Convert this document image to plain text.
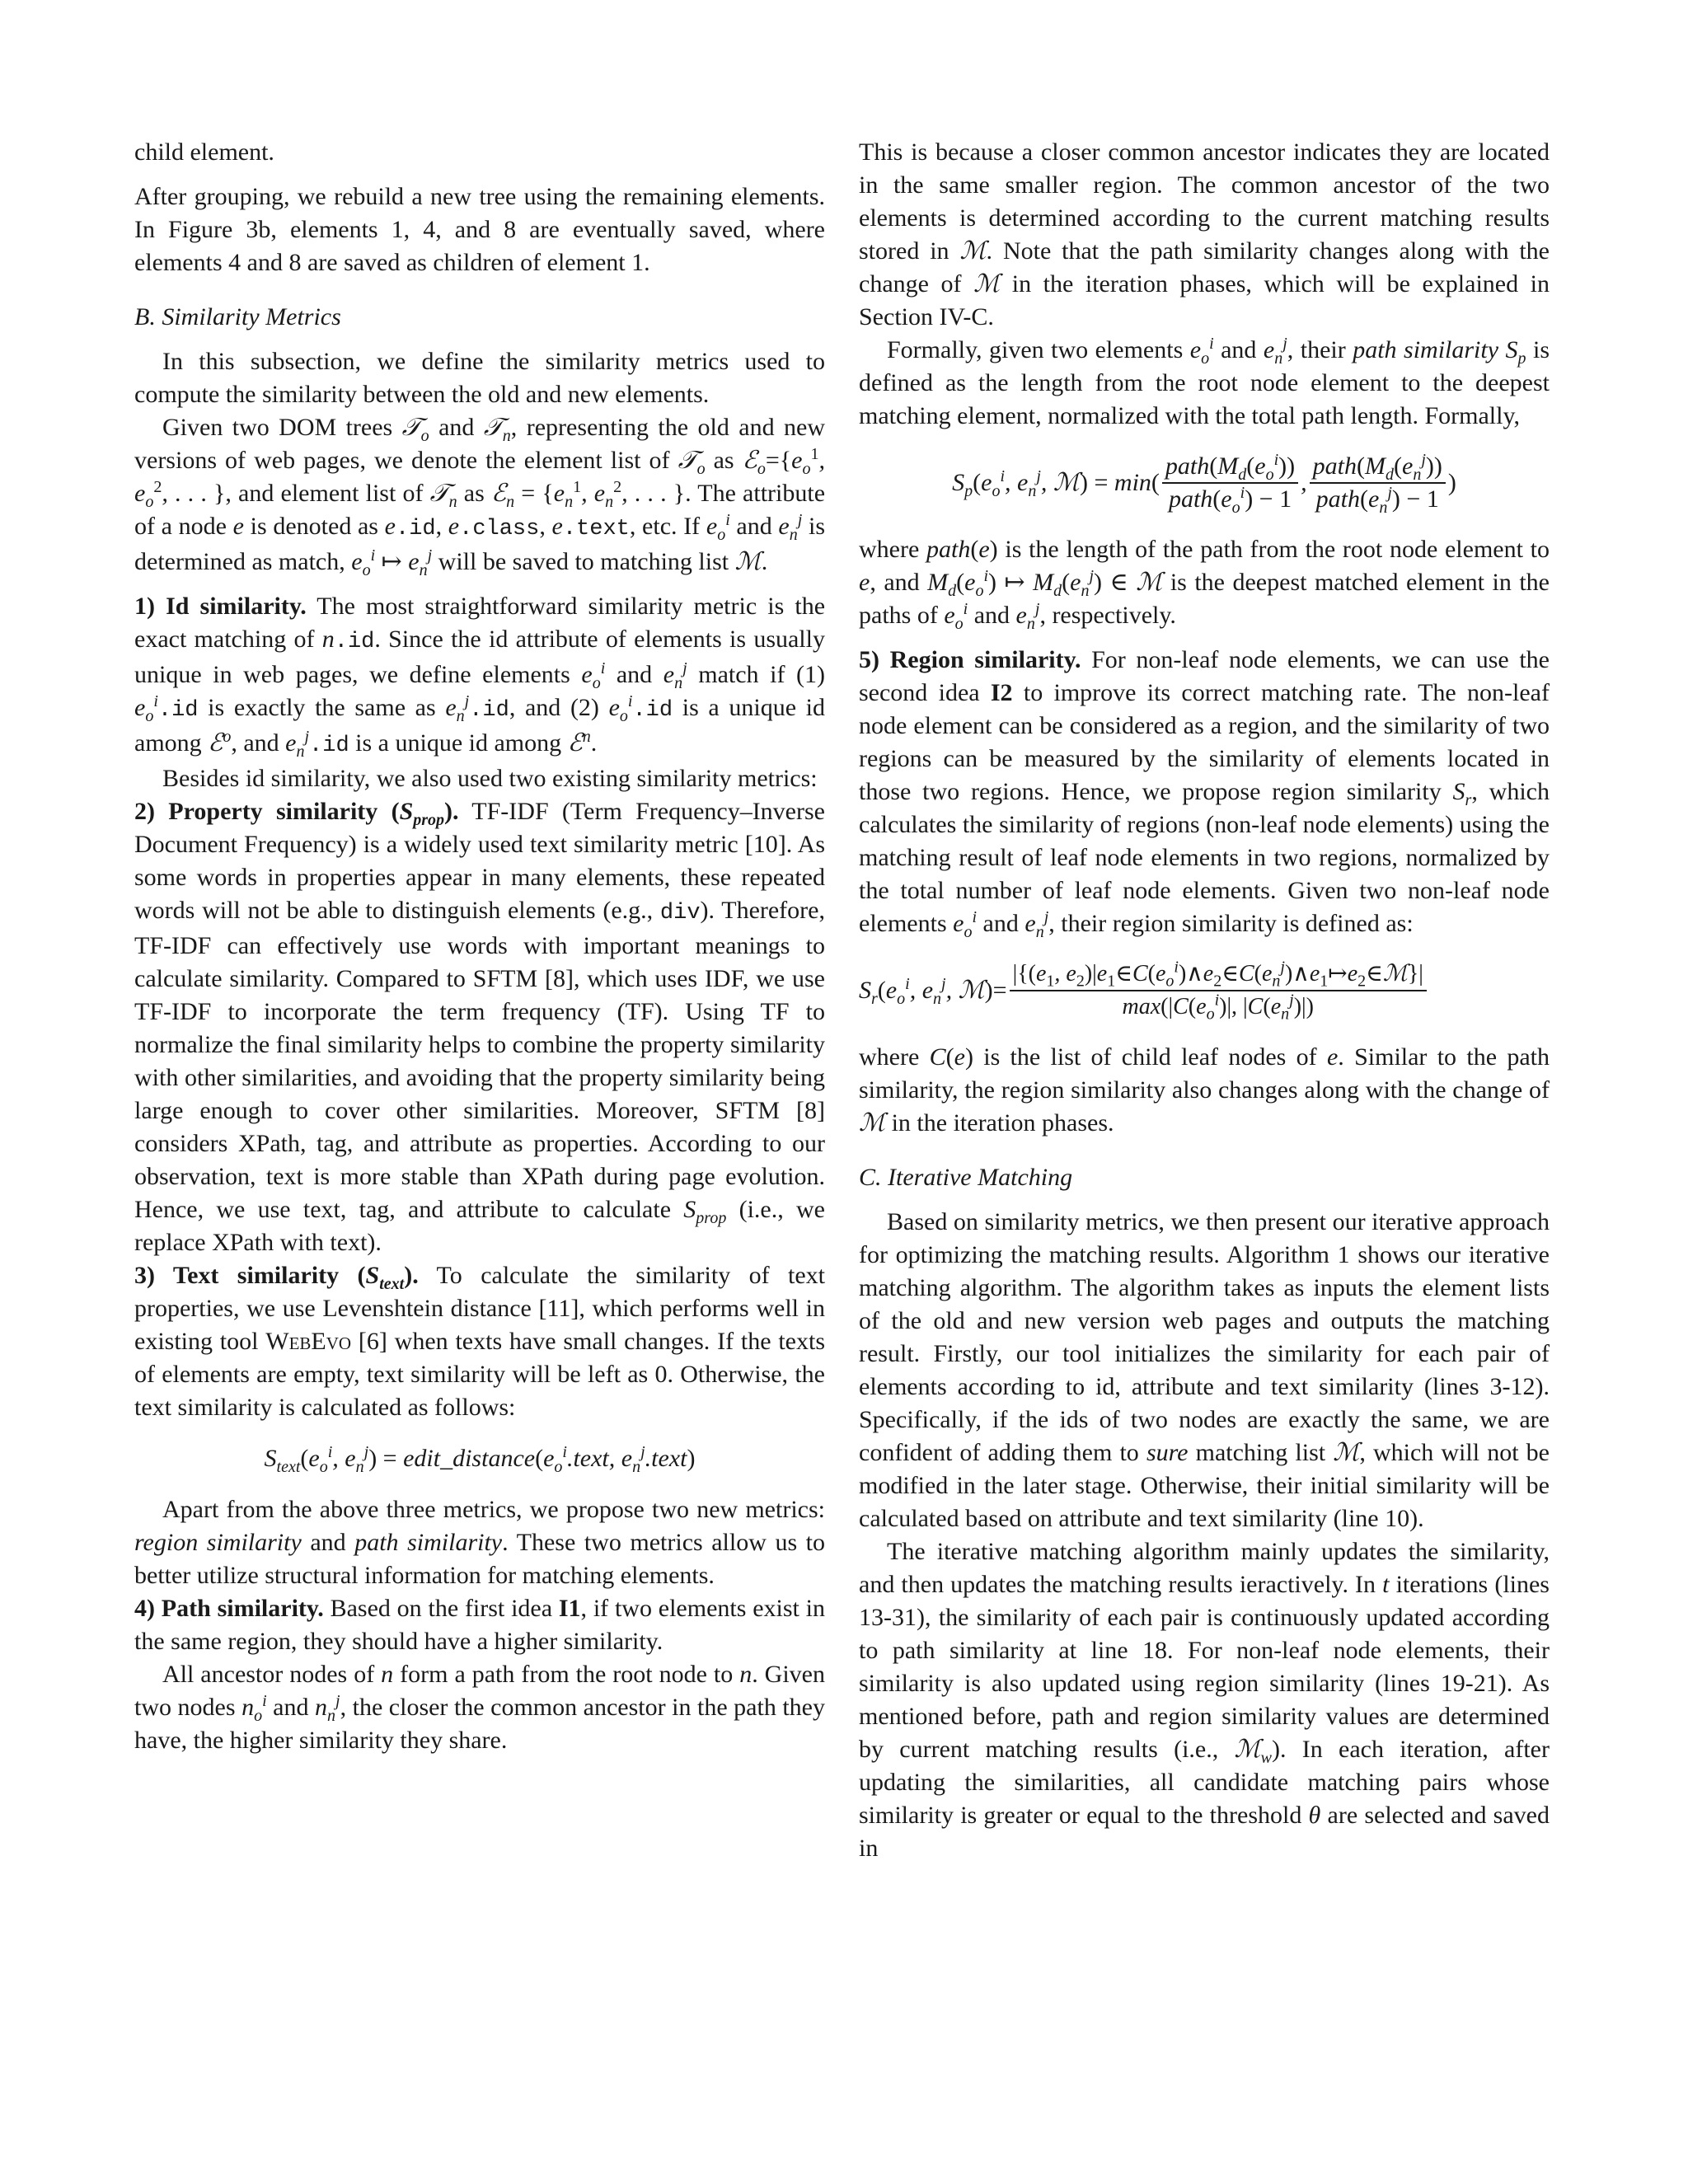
child element.

After grouping, we rebuild a new tree using the remaining elements. In Figure 3b, elements 1, 4, and 8 are eventually saved, where elements 4 and 8 are saved as children of element 1.

B. Similarity Metrics

In this subsection, we define the similarity metrics used to compute the similarity between the old and new elements.

Given two DOM trees 𝒯$_o$ and 𝒯$_n$, representing the old and new versions of web pages, we denote the element list of 𝒯$_o$ as $ℰ_o=\{e_o^1$, $e_o^2$, . . . }, and element list of 𝒯$_n$ as ℰ$_n$ = {$e_n^1$, $e_n^2$, . . . }. The attribute of a node e is denoted as e.id, e.class, e.text, etc. If $e_o^i$ and $e_n^j$ is determined as match, $e_o^i$ ↦ $e_n^j$ will be saved to matching list ℳ.

1) Id similarity. The most straightforward similarity metric is the exact matching of n.id. Since the id attribute of elements is usually unique in web pages, we define elements $e_o^i$ and $e_n^j$ match if (1) $e_o^i.id$ is exactly the same as $e_n^j.id$, and (2) $e_o^i.id$ is a unique id among ℰ$^o$, and $e_n^j.id$ is a unique id among ℰ$^n$.

Besides id similarity, we also used two existing similarity metrics:

2) Property similarity $(S_{prop})$. TF-IDF (Term Frequency–Inverse Document Frequency) is a widely used text similarity metric [10]. As some words in properties appear in many elements, these repeated words will not be able to distinguish elements (e.g., div). Therefore, TF-IDF can effectively use words with important meanings to calculate similarity. Compared to SFTM [8], which uses IDF, we use TF-IDF to incorporate the term frequency (TF). Using TF to normalize the final similarity helps to combine the property similarity with other similarities, and avoiding that the property similarity being large enough to cover other similarities. Moreover, SFTM [8] considers XPath, tag, and attribute as properties. According to our observation, text is more stable than XPath during page evolution. Hence, we use text, tag, and attribute to calculate $S_{prop}$ (i.e., we replace XPath with text).

3) Text similarity $(S_{text})$. To calculate the similarity of text properties, we use Levenshtein distance [11], which performs well in existing tool WebEvo [6] when texts have small changes. If the texts of elements are empty, text similarity will be left as 0. Otherwise, the text similarity is calculated as follows:

$S_{text}(e_o^i$, $e_n^j$) = $edit\_distance(e_o^i.text$, $e_n^j.text$)

Apart from the above three metrics, we propose two new metrics: region similarity and path similarity. These two metrics allow us to better utilize structural information for matching elements.

4) Path similarity. Based on the first idea I1, if two elements exist in the same region, they should have a higher similarity.

All ancestor nodes of n form a path from the root node to n. Given two nodes $n_o^i$ and $n_n^j$, the closer the common ancestor in the path they have, the higher similarity they share.

This is because a closer common ancestor indicates they are located in the same smaller region. The common ancestor of the two elements is determined according to the current matching results stored in ℳ. Note that the path similarity changes along with the change of ℳ in the iteration phases, which will be explained in Section IV-C.

Formally, given two elements $e_o^i$ and $e_n^j$, their path similarity $S_p$ is defined as the length from the root node element to the deepest matching element, normalized with the total path length. Formally,

$S_p(e_o^i$, $e_n^j$, ℳ) = $\min( \frac{path(M_d(e_o^i))}{path(e_o^i) - 1}$ , $\frac{path(M_d(e_n^j))}{path(e_n^j) - 1}$ )

where path(e) is the length of the path from the root node element to e, and $M_d(e_o^i)$ ↦ $M_d(e_n^j)$ ∈ ℳ is the deepest matched element in the paths of $e_o^i$ and $e_n^j$, respectively.

5) Region similarity. For non-leaf node elements, we can use the second idea I2 to improve its correct matching rate. The non-leaf node element can be considered as a region, and the similarity of two regions can be measured by the similarity of elements located in those two regions. Hence, we propose region similarity $S_r$, which calculates the similarity of regions (non-leaf node elements) using the matching result of leaf node elements in two regions, normalized by the total number of leaf node elements. Given two non-leaf node elements $e_o^i$ and $e_n^j$, their region similarity is defined as:

$S_r(e_o^i$, $e_n^j$, ℳ)= $\frac{|\{(e_1, e_2)|e_1\in C(e_o^i)\wedge e_2\in C(e_n^j)\wedge e_1↦e_2\in ℳ\}|}{\max(|C(e_o^i)|, |C(e_n^j)|)}$

where C(e) is the list of child leaf nodes of e. Similar to the path similarity, the region similarity also changes along with the change of ℳ in the iteration phases.

C. Iterative Matching

Based on similarity metrics, we then present our iterative approach for optimizing the matching results. Algorithm 1 shows our iterative matching algorithm. The algorithm takes as inputs the element lists of the old and new version web pages and outputs the matching result. Firstly, our tool initializes the similarity for each pair of elements according to id, attribute and text similarity (lines 3-12). Specifically, if the ids of two nodes are exactly the same, we are confident of adding them to sure matching list ℳ, which will not be modified in the later stage. Otherwise, their initial similarity will be calculated based on attribute and text similarity (line 10).

The iterative matching algorithm mainly updates the similarity, and then updates the matching results ieractively. In t iterations (lines 13-31), the similarity of each pair is continuously updated according to path similarity at line 18. For non-leaf node elements, their similarity is also updated using region similarity (lines 19-21). As mentioned before, path and region similarity values are determined by current matching results (i.e., ℳ$_w$). In each iteration, after updating the similarities, all candidate matching pairs whose similarity is greater or equal to the threshold θ are selected and saved in
